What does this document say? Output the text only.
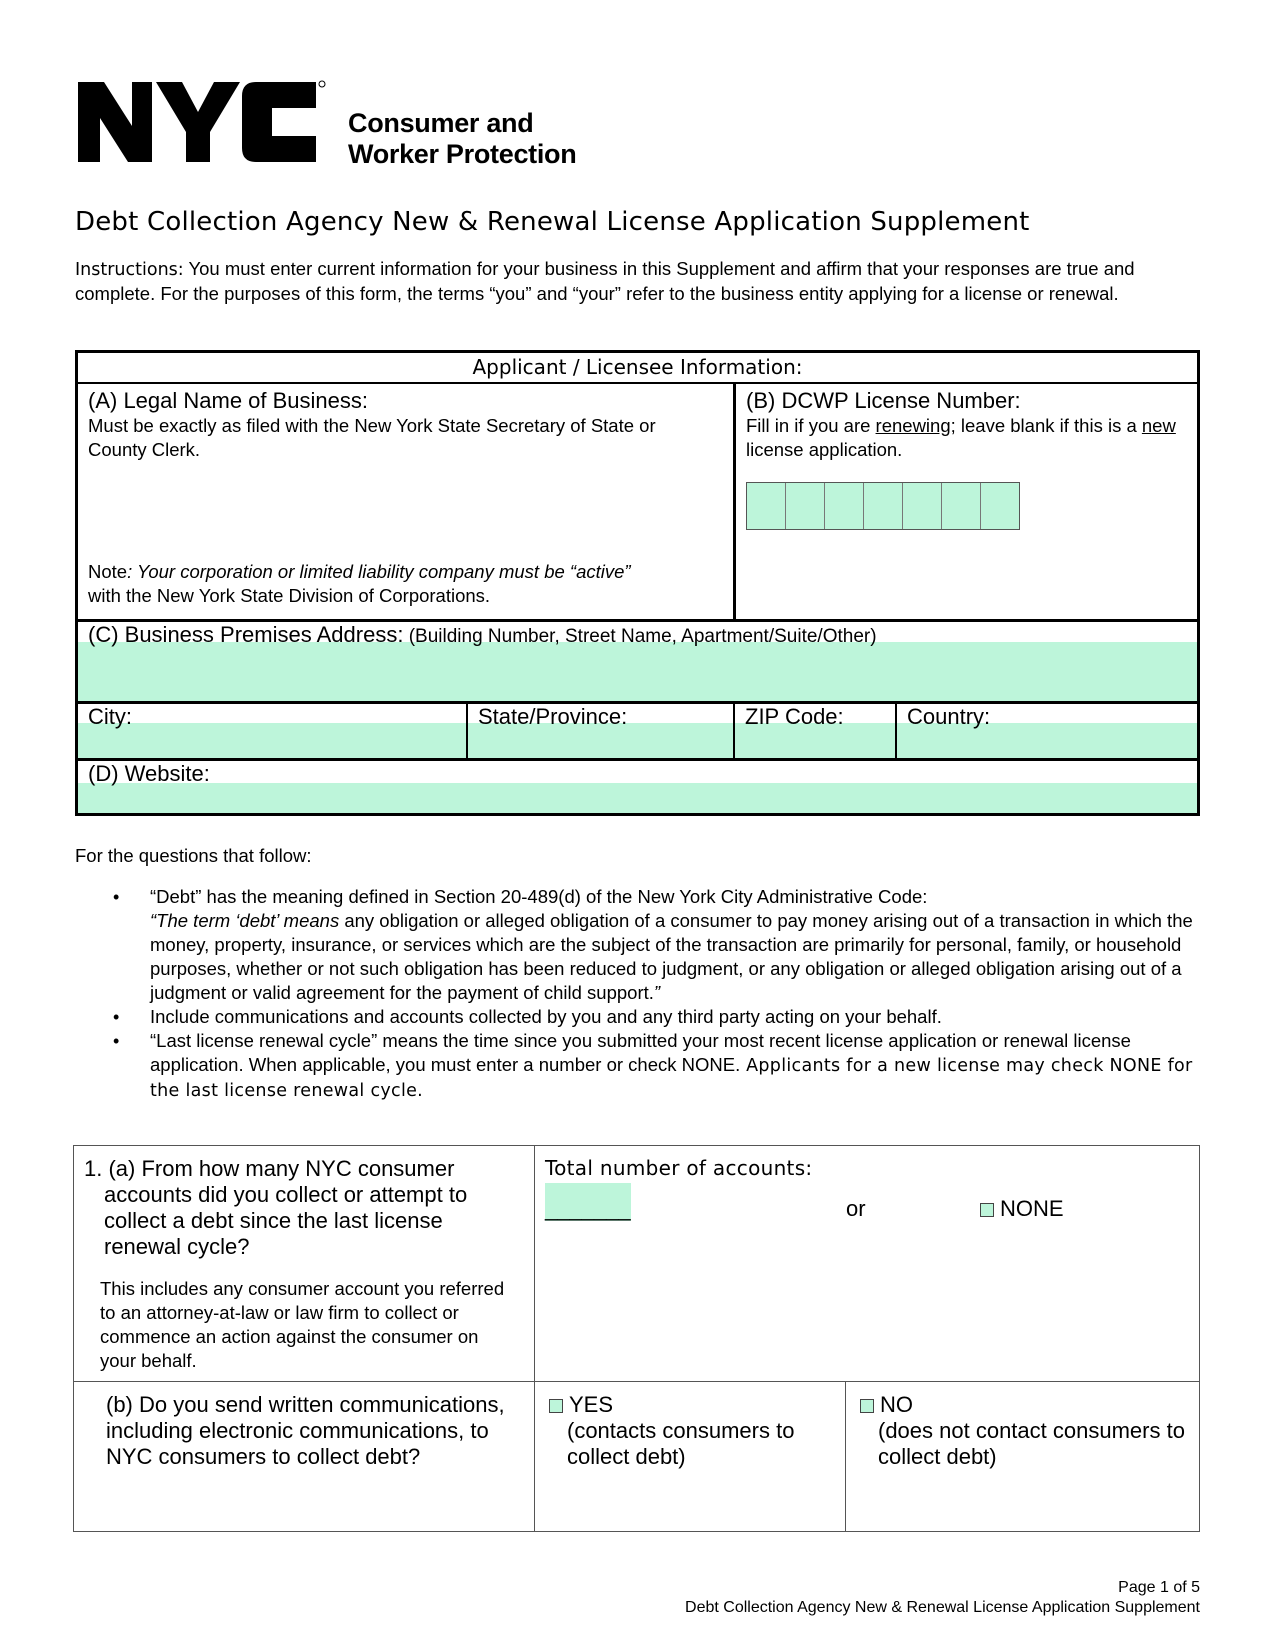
Consumer and
Worker Protection
Debt Collection Agency New & Renewal License Application Supplement
Instructions: You must enter current information for your business in this Supplement and affirm that your responses are true and complete. For the purposes of this form, the terms “you” and “your” refer to the business entity applying for a license or renewal.
Applicant / Licensee Information:
(A) Legal Name of Business:
Must be exactly as filed with the New York State Secretary of State or County Clerk.
Note: Your corporation or limited liability company must be “active”
with the New York State Division of Corporations.
(B) DCWP License Number:
Fill in if you are renewing; leave blank if this is a new license application.
(C) Business Premises Address: (Building Number, Street Name, Apartment/Suite/Other)
City:	State/Province:	ZIP Code:	Country:
(D) Website:
For the questions that follow:
• “Debt” has the meaning defined in Section 20-489(d) of the New York City Administrative Code:
“The term ‘debt’ means any obligation or alleged obligation of a consumer to pay money arising out of a transaction in which the money, property, insurance, or services which are the subject of the transaction are primarily for personal, family, or household purposes, whether or not such obligation has been reduced to judgment, or any obligation or alleged obligation arising out of a judgment or valid agreement for the payment of child support.”
• Include communications and accounts collected by you and any third party acting on your behalf.
• “Last license renewal cycle” means the time since you submitted your most recent license application or renewal license application. When applicable, you must enter a number or check NONE. Applicants for a new license may check NONE for the last license renewal cycle.
1. (a) From how many NYC consumer accounts did you collect or attempt to collect a debt since the last license renewal cycle?
This includes any consumer account you referred to an attorney-at-law or law firm to collect or commence an action against the consumer on your behalf.
Total number of accounts:
_______	or	NONE
(b) Do you send written communications, including electronic communications, to NYC consumers to collect debt?
YES
(contacts consumers to collect debt)
NO
(does not contact consumers to collect debt)
Page 1 of 5
Debt Collection Agency New & Renewal License Application Supplement
